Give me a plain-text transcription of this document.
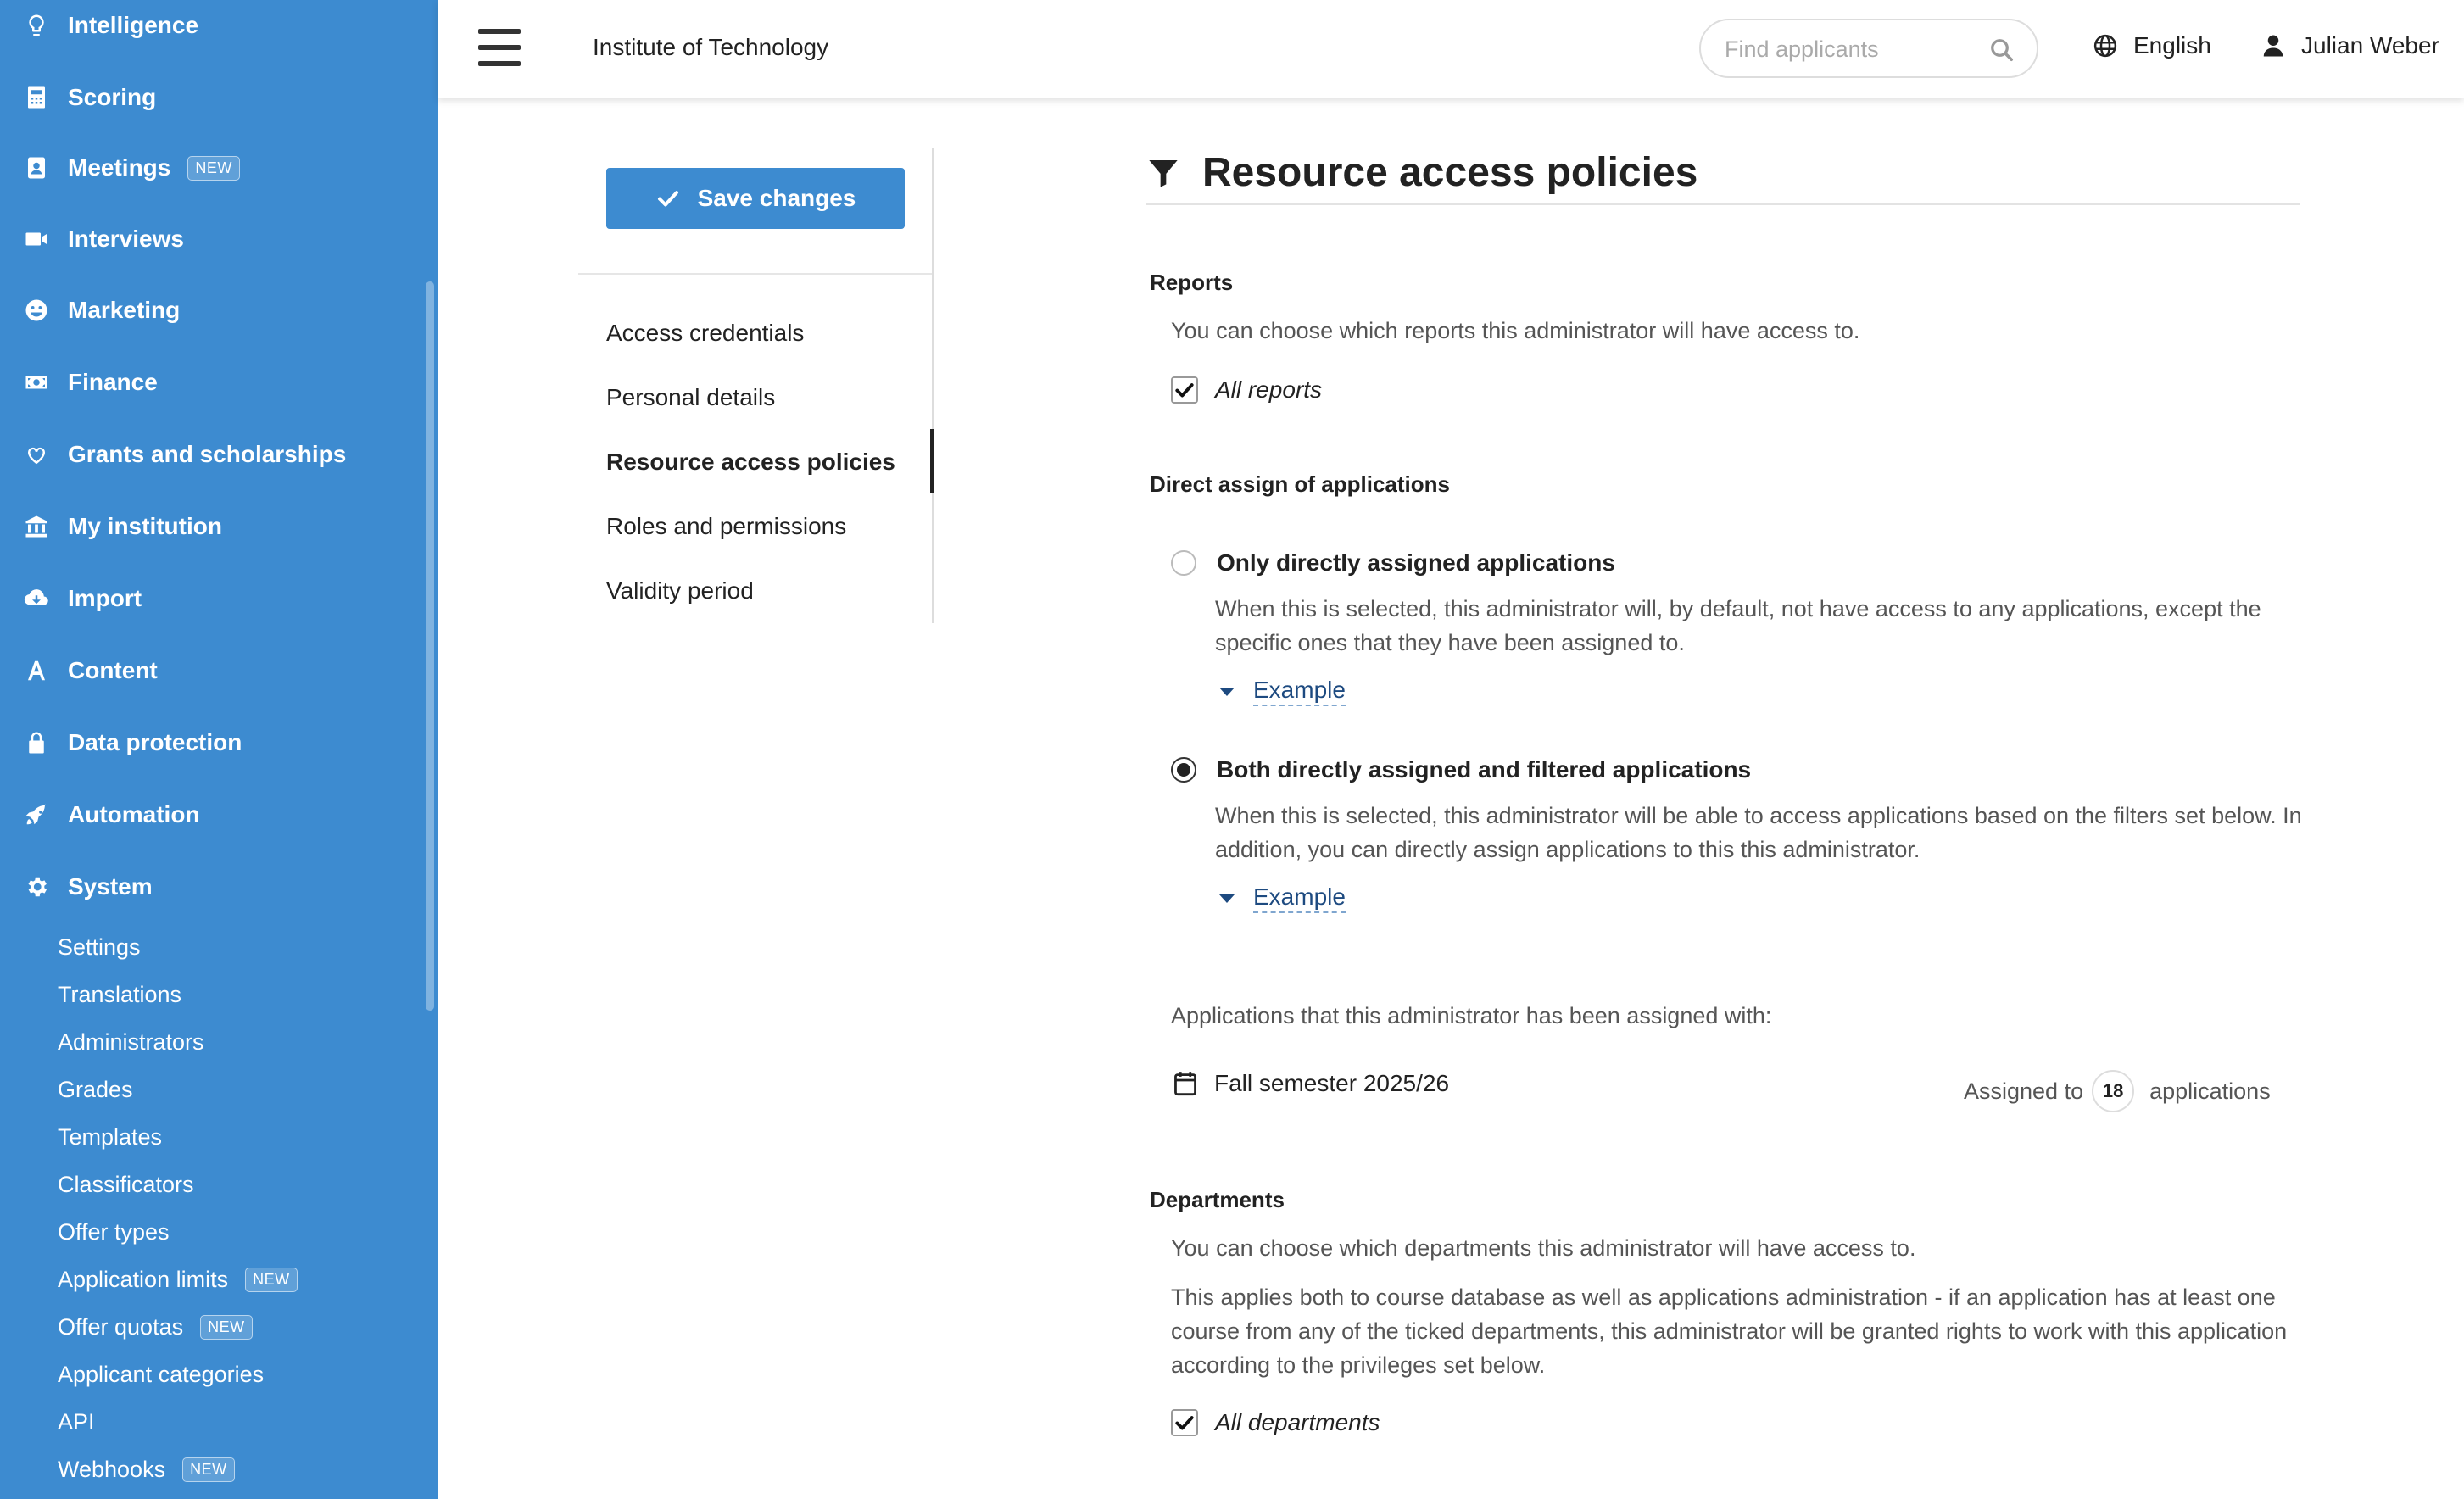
Intelligence
Scoring
Meetings	NEW
Interviews
Marketing
Finance
Grants and scholarships
My institution
Import
Content
Data protection
Automation
System
Settings
Translations
Administrators
Grades
Templates
Classificators
Offer types
Application limits	NEW
Offer quotas	NEW
Applicant categories
API
Webhooks	NEW
Institute of Technology
Find applicants	English	Julian Weber
Save changes
Access credentials
Personal details
Resource access policies
Roles and permissions
Validity period
Resource access policies
Reports
You can choose which reports this administrator will have access to.
All reports
Direct assign of applications
Only directly assigned applications
When this is selected, this administrator will, by default, not have access to any applications, except the specific ones that they have been assigned to.
Example
Both directly assigned and filtered applications
When this is selected, this administrator will be able to access applications based on the filters set below. In addition, you can directly assign applications to this this administrator.
Example
Applications that this administrator has been assigned with:
Fall semester 2025/26	Assigned to	18	applications
Departments
You can choose which departments this administrator will have access to.
This applies both to course database as well as applications administration - if an application has at least one course from any of the ticked departments, this administrator will be granted rights to work with this application according to the privileges set below.
All departments
